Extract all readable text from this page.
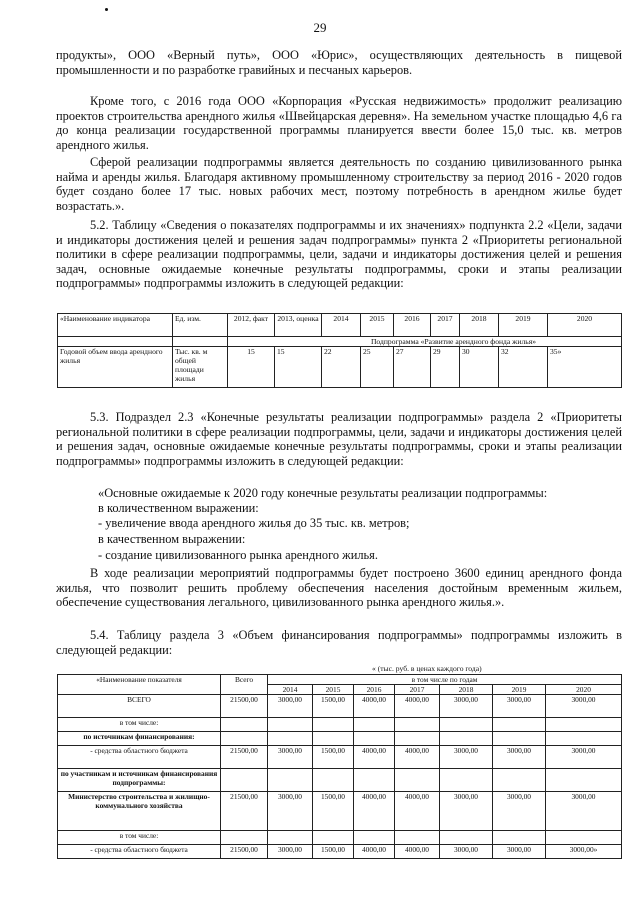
29
продукты», ООО «Верный путь», ООО «Юрис», осуществляющих деятельность в пищевой промышленности и по разработке гравийных и песчаных карьеров.
Кроме того, с 2016 года ООО «Корпорация «Русская недвижимость» продолжит реализацию проектов строительства арендного жилья «Швейцарская деревня». На земельном участке площадью 4,6 га до конца реализации государственной программы планируется ввести более 15,0 тыс. кв. метров арендного жилья.
Сферой реализации подпрограммы является деятельность по созданию цивилизованного рынка найма и аренды жилья. Благодаря активному промышленному строительству за период 2016 - 2020 годов будет создано более 17 тыс. новых рабочих мест, поэтому потребность в арендном жилье будет возрастать.».
5.2. Таблицу «Сведения о показателях подпрограммы и их значениях» подпункта 2.2 «Цели, задачи и индикаторы достижения целей и решения задач подпрограммы» пункта 2 «Приоритеты региональной политики в сфере реализации подпрограммы, цели, задачи и индикаторы достижения целей и решения задач, основные ожидаемые конечные результаты подпрограммы, сроки и этапы реализации подпрограммы» подпрограммы изложить в следующей редакции:
«Наименование индикатора	Ед. изм.	2012, факт	2013, оценка	2014	2015	2016	2017	2018	2019	2020
		Подпрограмма «Развитие арендного фонда жилья»								
Годовой объем ввода арендного жилья	Тыс. кв. м общей площади жилья	15	15	22	25	27	29	30	32	35»
5.3. Подраздел 2.3 «Конечные результаты реализации подпрограммы» раздела 2 «Приоритеты региональной политики в сфере реализации подпрограммы, цели, задачи и индикаторы достижения целей и решения задач, основные ожидаемые конечные результаты подпрограммы, сроки и этапы реализации подпрограммы» подпрограммы изложить в следующей редакции:
«Основные ожидаемые к 2020 году конечные результаты реализации подпрограммы:
в количественном выражении:
- увеличение ввода арендного жилья до 35 тыс. кв. метров;
в качественном выражении:
- создание цивилизованного рынка арендного жилья.
В ходе реализации мероприятий подпрограммы будет построено 3600 единиц арендного фонда жилья, что позволит решить проблему обеспечения населения достойным временным жильем, обеспечение существования легального, цивилизованного рынка арендного жилья.».
5.4. Таблицу раздела 3 «Объем финансирования подпрограммы» подпрограммы изложить в следующей редакции:
« (тыс. руб. в ценах каждого года)
«Наименование показателя	Всего	в том числе по годам						
		2014	2015	2016	2017	2018	2019	2020
ВСЕГО	21500,00	3000,00	1500,00	4000,00	4000,00	3000,00	3000,00	3000,00
в том числе:								
по источникам финансирования:								
- средства областного бюджета	21500,00	3000,00	1500,00	4000,00	4000,00	3000,00	3000,00	3000,00
по участникам и источникам финансирования подпрограммы:								
Министерство строительства и жилищно-коммунального хозяйства	21500,00	3000,00	1500,00	4000,00	4000,00	3000,00	3000,00	3000,00
в том числе:								
- средства областного бюджета	21500,00	3000,00	1500,00	4000,00	4000,00	3000,00	3000,00	3000,00»
